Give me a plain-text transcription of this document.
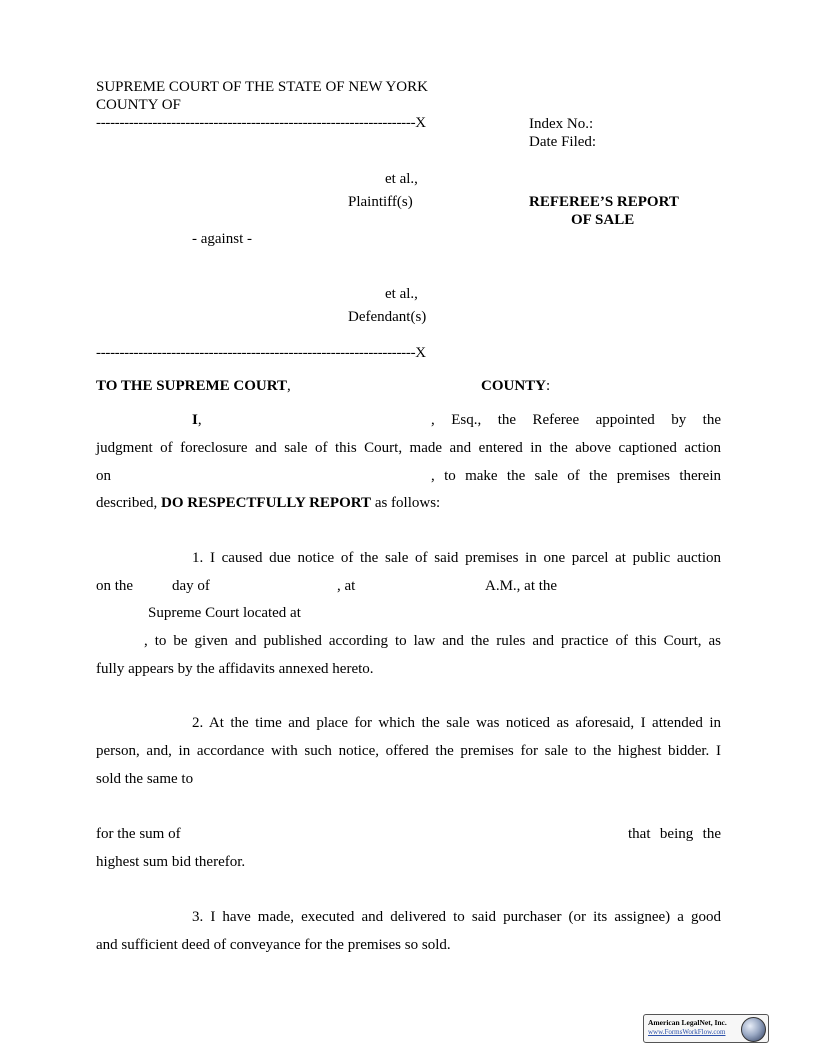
SUPREME COURT OF THE STATE OF NEW YORK
COUNTY OF
--------------------------------------------------------------------X	Index No.:
Date Filed:
et al.,
Plaintiff(s)	REFEREE’S REPORT
OF SALE
- against -
et al.,
Defendant(s)
--------------------------------------------------------------------X
TO THE SUPREME COURT,	COUNTY:
I,	, Esq., the Referee appointed by the
judgment of foreclosure and sale of this Court, made and entered in the above captioned action
on	, to make the sale of the premises therein
described, DO RESPECTFULLY REPORT as follows:
1. I caused due notice of the sale of said premises in one parcel at public auction
on the	day of	, at	A.M., at the
Supreme Court located at
, to be given and published according to law and the rules and practice of this Court, as
fully appears by the affidavits annexed hereto.
2. At the time and place for which the sale was noticed as aforesaid, I attended in
person, and, in accordance with such notice, offered the premises for sale to the highest bidder. I
sold the same to
for the sum of	that being the
highest sum bid therefor.
3. I have made, executed and delivered to said purchaser (or its assignee) a good
and sufficient deed of conveyance for the premises so sold.
American LegalNet, Inc.
www.FormsWorkFlow.com
